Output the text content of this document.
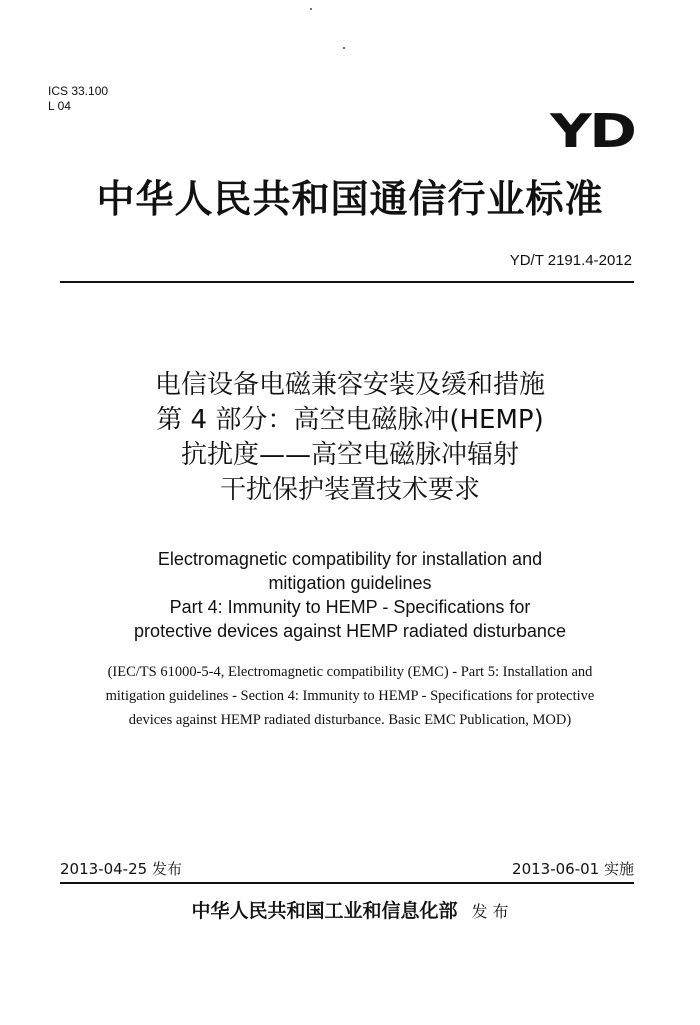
ICS 33.100
L 04	YD
中华人民共和国通信行业标准
YD/T 2191.4-2012
电信设备电磁兼容安装及缓和措施
第 4 部分：高空电磁脉冲(HEMP)
抗扰度——高空电磁脉冲辐射
干扰保护装置技术要求
Electromagnetic compatibility for installation and
mitigation guidelines
Part 4: Immunity to HEMP - Specifications for
protective devices against HEMP radiated disturbance
(IEC/TS 61000-5-4, Electromagnetic compatibility (EMC) - Part 5: Installation and
mitigation guidelines - Section 4: Immunity to HEMP - Specifications for protective
devices against HEMP radiated disturbance. Basic EMC Publication, MOD)
2013-04-25 发布	2013-06-01 实施
中华人民共和国工业和信息化部 发 布
